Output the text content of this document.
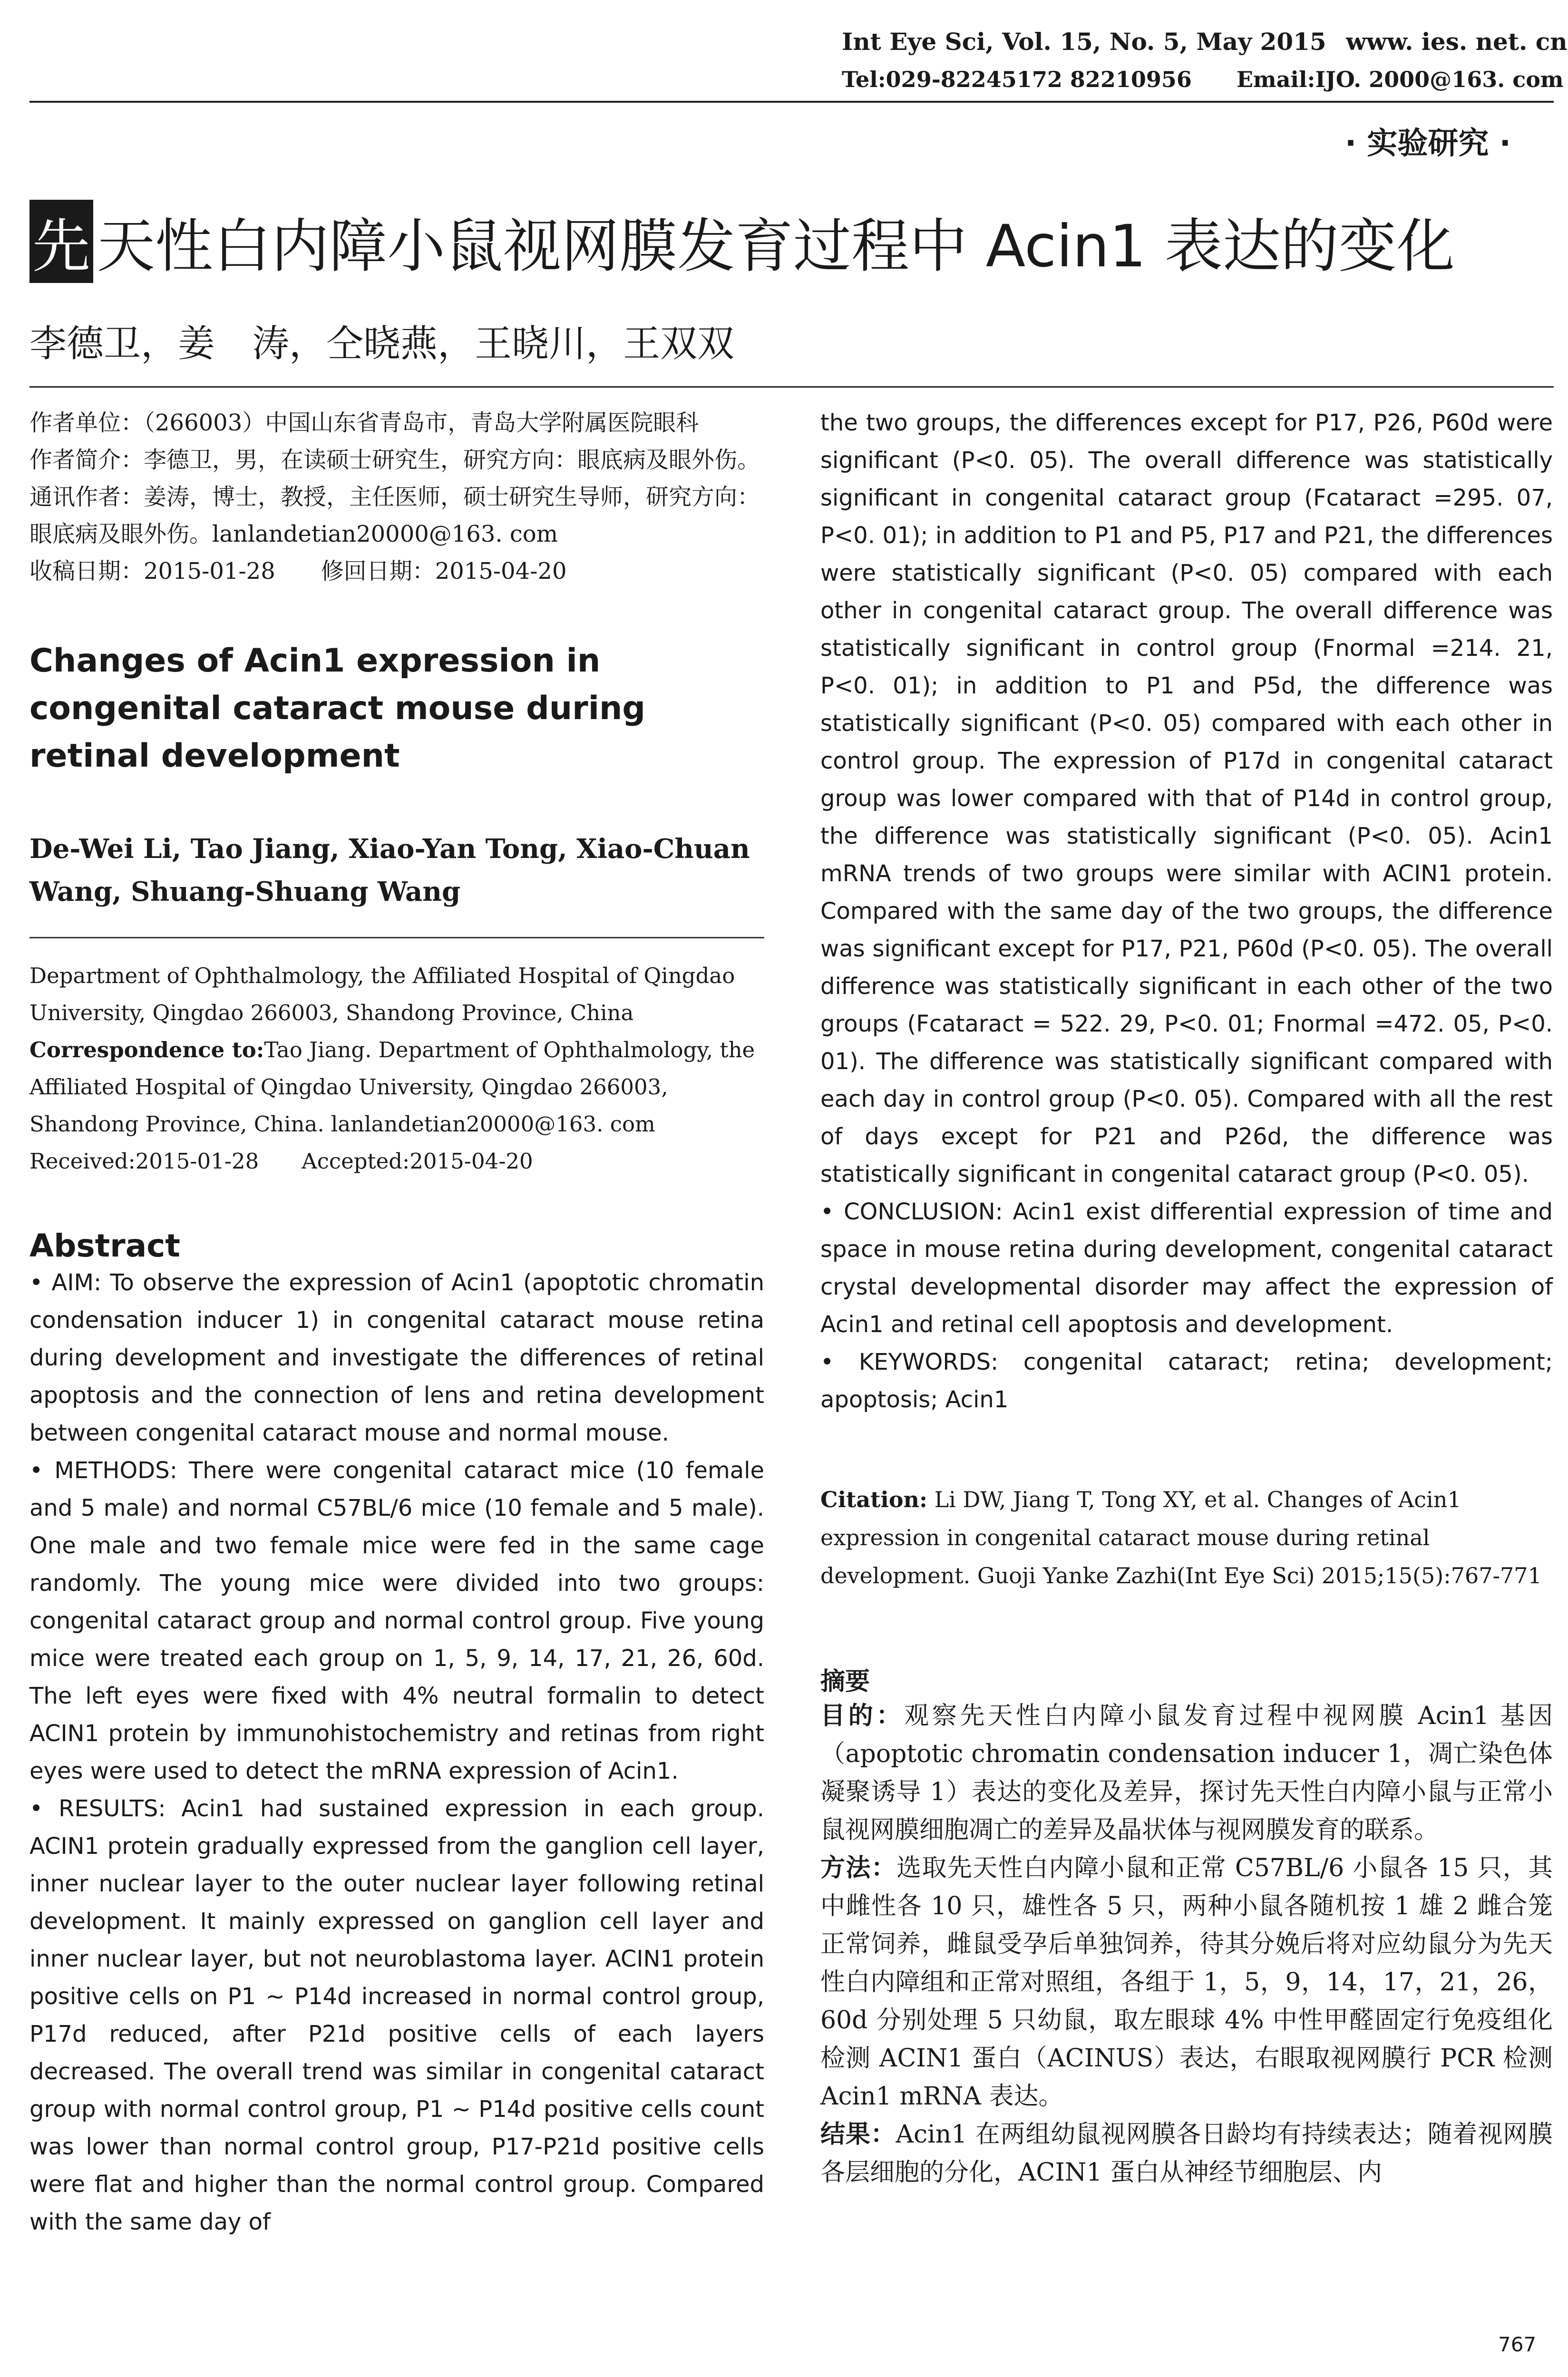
Int Eye Sci, Vol. 15, No. 5, May 2015 www. ies. net. cn
Tel:029-82245172 82210956 Email:IJO. 2000@163. com
· 实验研究 ·
先 天性白内障小鼠视网膜发育过程中 Acin1 表达的变化
李德卫，姜　涛，仝晓燕，王晓川，王双双

作者单位：（266003）中国山东省青岛市，青岛大学附属医院眼科

作者简介：李德卫，男，在读硕士研究生，研究方向：眼底病及眼外伤。

通讯作者：姜涛，博士，教授，主任医师，硕士研究生导师，研究方向：眼底病及眼外伤。lanlandetian20000@163. com

收稿日期：2015-01-28　　修回日期：2015-04-20

Changes of Acin1 expression in congenital cataract mouse during retinal development
De-Wei Li, Tao Jiang, Xiao-Yan Tong, Xiao-Chuan Wang, Shuang-Shuang Wang

Department of Ophthalmology, the Affiliated Hospital of Qingdao University, Qingdao 266003, Shandong Province, China

Correspondence to:Tao Jiang. Department of Ophthalmology, the Affiliated Hospital of Qingdao University, Qingdao 266003, Shandong Province, China. lanlandetian20000@163. com

Received:2015-01-28　　Accepted:2015-04-20

Abstract

• AIM: To observe the expression of Acin1 (apoptotic chromatin condensation inducer 1) in congenital cataract mouse retina during development and investigate the differences of retinal apoptosis and the connection of lens and retina development between congenital cataract mouse and normal mouse.

• METHODS: There were congenital cataract mice (10 female and 5 male) and normal C57BL/6 mice (10 female and 5 male). One male and two female mice were fed in the same cage randomly. The young mice were divided into two groups: congenital cataract group and normal control group. Five young mice were treated each group on 1, 5, 9, 14, 17, 21, 26, 60d. The left eyes were fixed with 4% neutral formalin to detect ACIN1 protein by immunohistochemistry and retinas from right eyes were used to detect the mRNA expression of Acin1.

• RESULTS: Acin1 had sustained expression in each group. ACIN1 protein gradually expressed from the ganglion cell layer, inner nuclear layer to the outer nuclear layer following retinal development. It mainly expressed on ganglion cell layer and inner nuclear layer, but not neuroblastoma layer. ACIN1 protein positive cells on P1 ~ P14d increased in normal control group, P17d reduced, after P21d positive cells of each layers decreased. The overall trend was similar in congenital cataract group with normal control group, P1 ~ P14d positive cells count was lower than normal control group, P17-P21d positive cells were flat and higher than the normal control group. Compared with the same day of

the two groups, the differences except for P17, P26, P60d were significant (P<0. 05). The overall difference was statistically significant in congenital cataract group (Fcataract =295. 07, P<0. 01); in addition to P1 and P5, P17 and P21, the differences were statistically significant (P<0. 05) compared with each other in congenital cataract group. The overall difference was statistically significant in control group (Fnormal =214. 21, P<0. 01); in addition to P1 and P5d, the difference was statistically significant (P<0. 05) compared with each other in control group. The expression of P17d in congenital cataract group was lower compared with that of P14d in control group, the difference was statistically significant (P<0. 05). Acin1 mRNA trends of two groups were similar with ACIN1 protein. Compared with the same day of the two groups, the difference was significant except for P17, P21, P60d (P<0. 05). The overall difference was statistically significant in each other of the two groups (Fcataract = 522. 29, P<0. 01; Fnormal =472. 05, P<0. 01). The difference was statistically significant compared with each day in control group (P<0. 05). Compared with all the rest of days except for P21 and P26d, the difference was statistically significant in congenital cataract group (P<0. 05).

• CONCLUSION: Acin1 exist differential expression of time and space in mouse retina during development, congenital cataract crystal developmental disorder may affect the expression of Acin1 and retinal cell apoptosis and development.

• KEYWORDS: congenital cataract; retina; development; apoptosis; Acin1

Citation: Li DW, Jiang T, Tong XY, et al. Changes of Acin1 expression in congenital cataract mouse during retinal development. Guoji Yanke Zazhi(Int Eye Sci) 2015;15(5):767-771
摘要

目的：观察先天性白内障小鼠发育过程中视网膜 Acin1 基因（apoptotic chromatin condensation inducer 1，凋亡染色体凝聚诱导 1）表达的变化及差异，探讨先天性白内障小鼠与正常小鼠视网膜细胞凋亡的差异及晶状体与视网膜发育的联系。

方法：选取先天性白内障小鼠和正常 C57BL/6 小鼠各 15 只，其中雌性各 10 只，雄性各 5 只，两种小鼠各随机按 1 雄 2 雌合笼正常饲养，雌鼠受孕后单独饲养，待其分娩后将对应幼鼠分为先天性白内障组和正常对照组，各组于 1，5，9，14，17，21，26，60d 分别处理 5 只幼鼠，取左眼球 4% 中性甲醛固定行免疫组化检测 ACIN1 蛋白（ACINUS）表达，右眼取视网膜行 PCR 检测 Acin1 mRNA 表达。

结果：Acin1 在两组幼鼠视网膜各日龄均有持续表达；随着视网膜各层细胞的分化，ACIN1 蛋白从神经节细胞层、内

767
